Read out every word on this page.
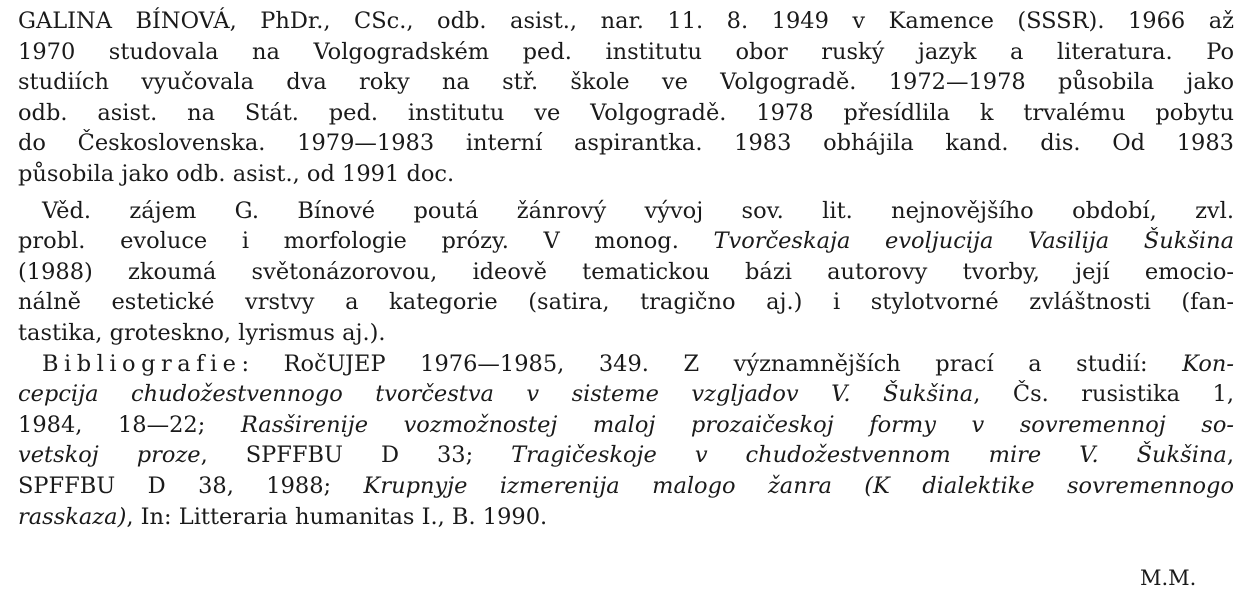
GALINA BÍNOVÁ, PhDr., CSc., odb. asist., nar. 11. 8. 1949 v Kamence (SSSR). 1966 až
1970 studovala na Volgogradském ped. institutu obor ruský jazyk a literatura. Po
studiích vyučovala dva roky na stř. škole ve Volgogradě. 1972—1978 působila jako
odb. asist. na Stát. ped. institutu ve Volgogradě. 1978 přesídlila k trvalému pobytu
do Československa. 1979—1983 interní aspirantka. 1983 obhájila kand. dis. Od 1983
působila jako odb. asist., od 1991 doc.
Věd. zájem G. Bínové poutá žánrový vývoj sov. lit. nejnovějšího období, zvl.
probl. evoluce i morfologie prózy. V monog. Tvorčeskaja evoljucija Vasilija Šukšina
(1988) zkoumá světonázorovou, ideově tematickou bázi autorovy tvorby, její emocio-
nálně estetické vrstvy a kategorie (satira, tragično aj.) i stylotvorné zvláštnosti (fan-
tastika, groteskno, lyrismus aj.).
Bibliografie: RočUJEP 1976—1985, 349. Z významnějších prací a studií: Kon-
cepcija chudožestvennogo tvorčestva v sisteme vzgljadov V. Šukšina, Čs. rusistika 1,
1984, 18—22; Rasširenije vozmožnostej maloj prozaičeskoj formy v sovremennoj so-
vetskoj proze, SPFFBU D 33; Tragičeskoje v chudožestvennom mire V. Šukšina,
SPFFBU D 38, 1988; Krupnyje izmerenija malogo žanra (K dialektike sovremennogo
rasskaza), In: Litteraria humanitas I., B. 1990.
M.M.
